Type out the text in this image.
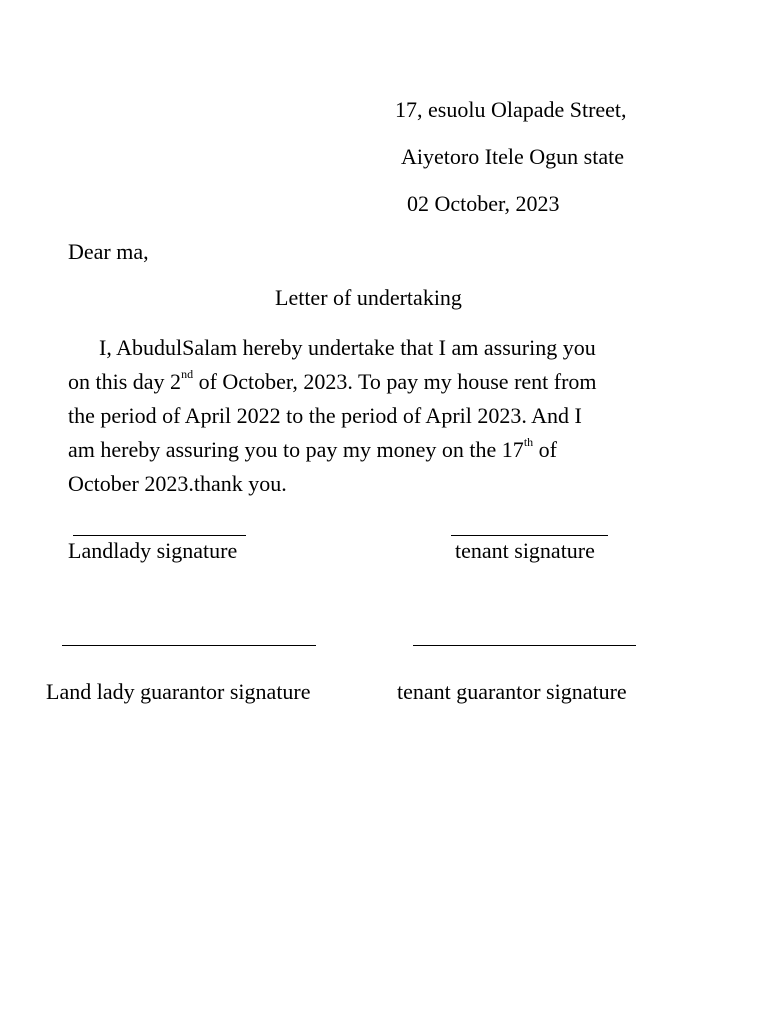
17, esuolu Olapade Street,
Aiyetoro Itele Ogun state
02 October, 2023
Dear ma,
Letter of undertaking
I, AbudulSalam hereby undertake that I am assuring you
on this day 2nd of October, 2023. To pay my house rent from
the period of April 2022 to the period of April 2023. And I
am hereby assuring you to pay my money on the 17th of
October 2023.thank you.
Landlady signature	tenant signature
Land lady guarantor signature	tenant guarantor signature
